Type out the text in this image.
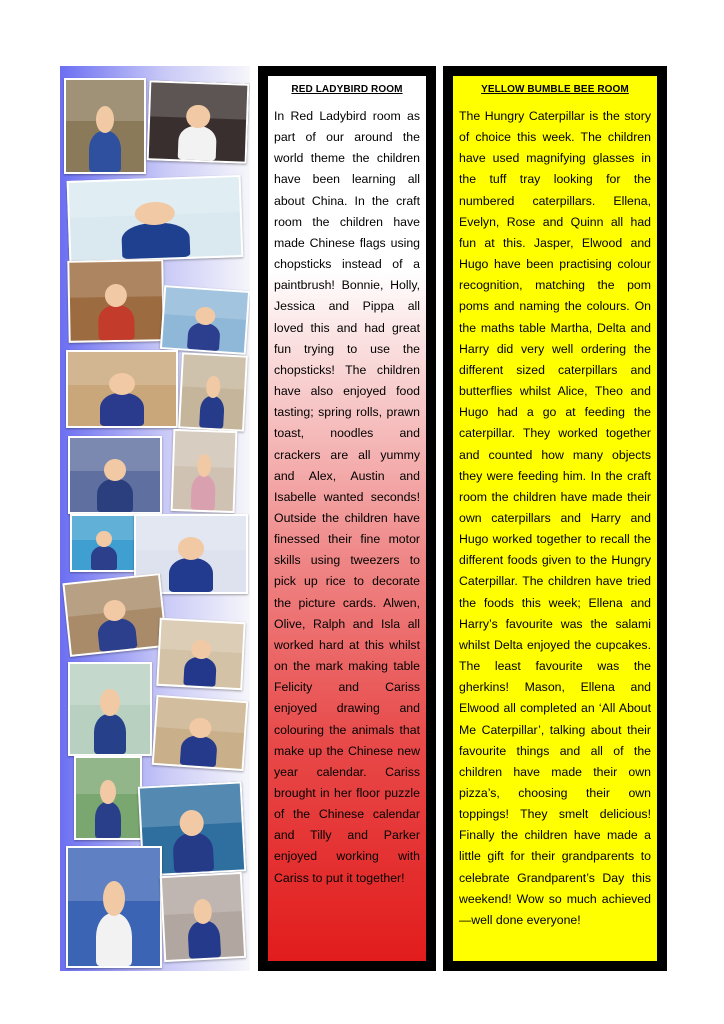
RED LADYBIRD ROOM
In Red Ladybird room as part of our around the world theme the children have been learning all about China. In the craft room the children have made Chinese flags using chopsticks instead of a paintbrush! Bonnie, Holly, Jessica and Pippa all loved this and had great fun trying to use the chopsticks! The children have also enjoyed food tasting; spring rolls, prawn toast, noodles and crackers are all yummy and Alex, Austin and Isabelle wanted seconds! Outside the children have finessed their fine motor skills using tweezers to pick up rice to decorate the picture cards. Alwen, Olive, Ralph and Isla all worked hard at this whilst on the mark making table Felicity and Cariss enjoyed drawing and colouring the animals that make up the Chinese new year calendar. Cariss brought in her floor puzzle of the Chinese calendar and Tilly and Parker enjoyed working with Cariss to put it together!
YELLOW BUMBLE BEE ROOM
The Hungry Caterpillar is the story of choice this week. The children have used magnifying glasses in the tuff tray looking for the numbered caterpillars. Ellena, Evelyn, Rose and Quinn all had fun at this. Jasper, Elwood and Hugo have been practising colour recognition, matching the pom poms and naming the colours. On the maths table Martha, Delta and Harry did very well ordering the different sized caterpillars and butterflies whilst Alice, Theo and Hugo had a go at feeding the caterpillar. They worked together and counted how many objects they were feeding him. In the craft room the children have made their own caterpillars and Harry and Hugo worked together to recall the different foods given to the Hungry Caterpillar. The children have tried the foods this week; Ellena and Harry’s favourite was the salami whilst Delta enjoyed the cupcakes. The least favourite was the gherkins! Mason, Ellena and Elwood all completed an ‘All About Me Caterpillar’, talking about their favourite things and all of the children have made their own pizza’s, choosing their own toppings! They smelt delicious! Finally the children have made a little gift for their grandparents to celebrate Grandparent’s Day this weekend! Wow so much achieved—well done everyone!
